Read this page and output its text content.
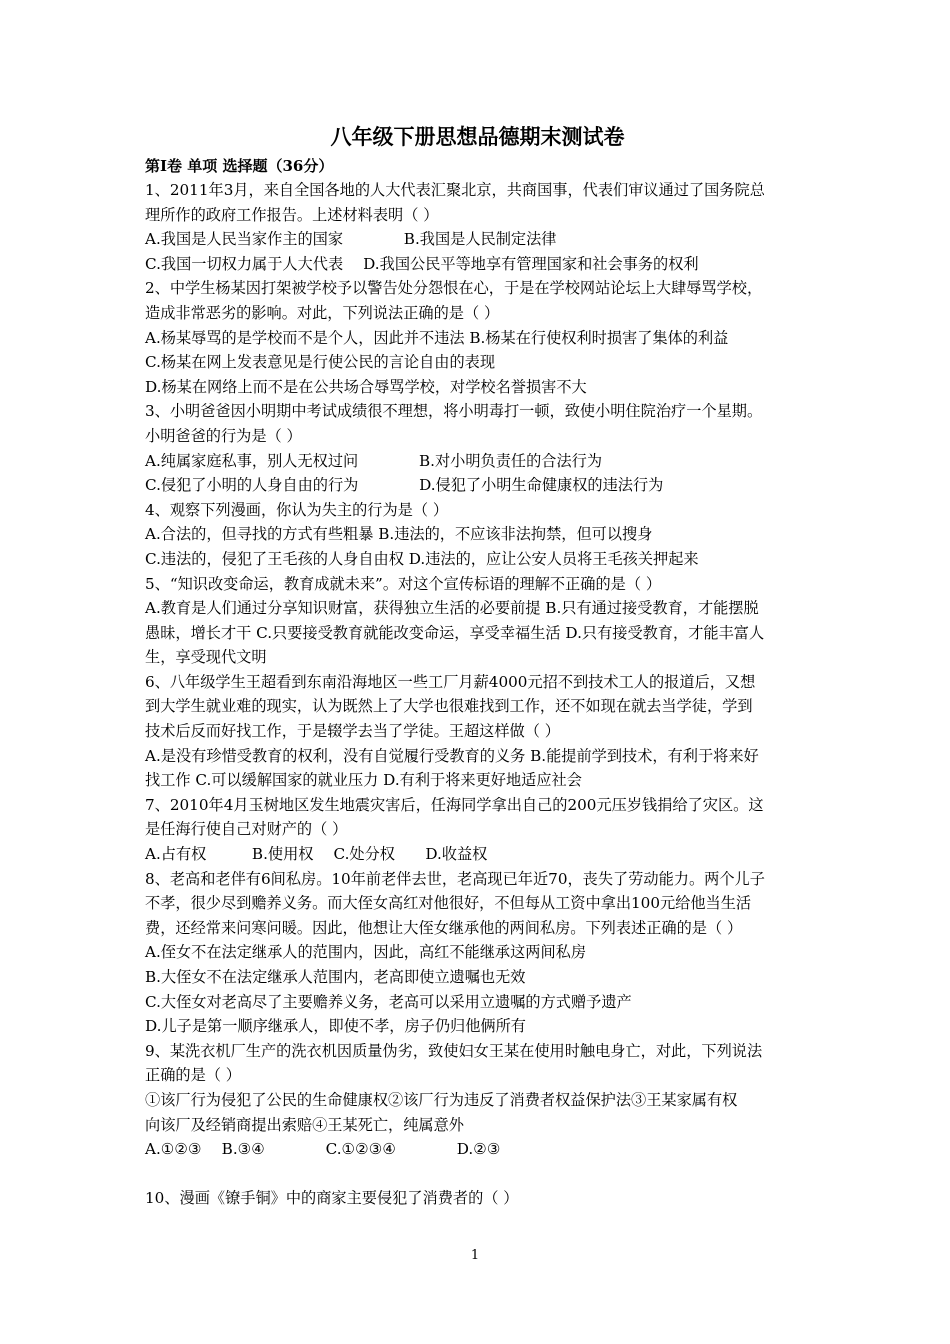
八年级下册思想品德期末测试卷

第Ⅰ卷 单项 选择题（36分）

1、2011年3月，来自全国各地的人大代表汇聚北京，共商国事，代表们审议通过了国务院总

理所作的政府工作报告。上述材料表明（ ）

A.我国是人民当家作主的国家　　　　B.我国是人民制定法律

C.我国一切权力属于人大代表　 D.我国公民平等地享有管理国家和社会事务的权利

2、中学生杨某因打架被学校予以警告处分怨恨在心，于是在学校网站论坛上大肆辱骂学校，

造成非常恶劣的影响。对此，下列说法正确的是（ ）

A.杨某辱骂的是学校而不是个人，因此并不违法 B.杨某在行使权利时损害了集体的利益

C.杨某在网上发表意见是行使公民的言论自由的表现

D.杨某在网络上而不是在公共场合辱骂学校，对学校名誉损害不大

3、小明爸爸因小明期中考试成绩很不理想，将小明毒打一顿，致使小明住院治疗一个星期。

小明爸爸的行为是（ ）

A.纯属家庭私事，别人无权过问　　　　B.对小明负责任的合法行为

C.侵犯了小明的人身自由的行为　　　　D.侵犯了小明生命健康权的违法行为

4、观察下列漫画，你认为失主的行为是（ ）

A.合法的，但寻找的方式有些粗暴 B.违法的，不应该非法拘禁，但可以搜身

C.违法的，侵犯了王毛孩的人身自由权 D.违法的，应让公安人员将王毛孩关押起来

5、“知识改变命运，教育成就未来”。对这个宣传标语的理解不正确的是（ ）

A.教育是人们通过分享知识财富，获得独立生活的必要前提 B.只有通过接受教育，才能摆脱

愚昧，增长才干 C.只要接受教育就能改变命运，享受幸福生活 D.只有接受教育，才能丰富人

生，享受现代文明

6、八年级学生王超看到东南沿海地区一些工厂月薪4000元招不到技术工人的报道后，又想

到大学生就业难的现实，认为既然上了大学也很难找到工作，还不如现在就去当学徒，学到

技术后反而好找工作，于是辍学去当了学徒。王超这样做（ ）

A.是没有珍惜受教育的权利，没有自觉履行受教育的义务 B.能提前学到技术，有利于将来好

找工作 C.可以缓解国家的就业压力 D.有利于将来更好地适应社会

7、2010年4月玉树地区发生地震灾害后，任海同学拿出自己的200元压岁钱捐给了灾区。这

是任海行使自己对财产的（ ）

A.占有权　　　B.使用权　 C.处分权　　D.收益权

8、老高和老伴有6间私房。10年前老伴去世，老高现已年近70，丧失了劳动能力。两个儿子

不孝，很少尽到赡养义务。而大侄女高红对他很好，不但每从工资中拿出100元给他当生活

费，还经常来问寒问暖。因此，他想让大侄女继承他的两间私房。下列表述正确的是（ ）

A.侄女不在法定继承人的范围内，因此，高红不能继承这两间私房

B.大侄女不在法定继承人范围内，老高即使立遗嘱也无效

C.大侄女对老高尽了主要赡养义务，老高可以采用立遗嘱的方式赠予遗产

D.儿子是第一顺序继承人，即使不孝，房子仍归他俩所有

9、某洗衣机厂生产的洗衣机因质量伪劣，致使妇女王某在使用时触电身亡，对此，下列说法

正确的是（ ）

①该厂行为侵犯了公民的生命健康权②该厂行为违反了消费者权益保护法③王某家属有权

向该厂及经销商提出索赔④王某死亡，纯属意外

A.①②③　 B.③④　　　　C.①②③④　　　　D.②③

10、漫画《镣手铜》中的商家主要侵犯了消费者的（ ）

1
